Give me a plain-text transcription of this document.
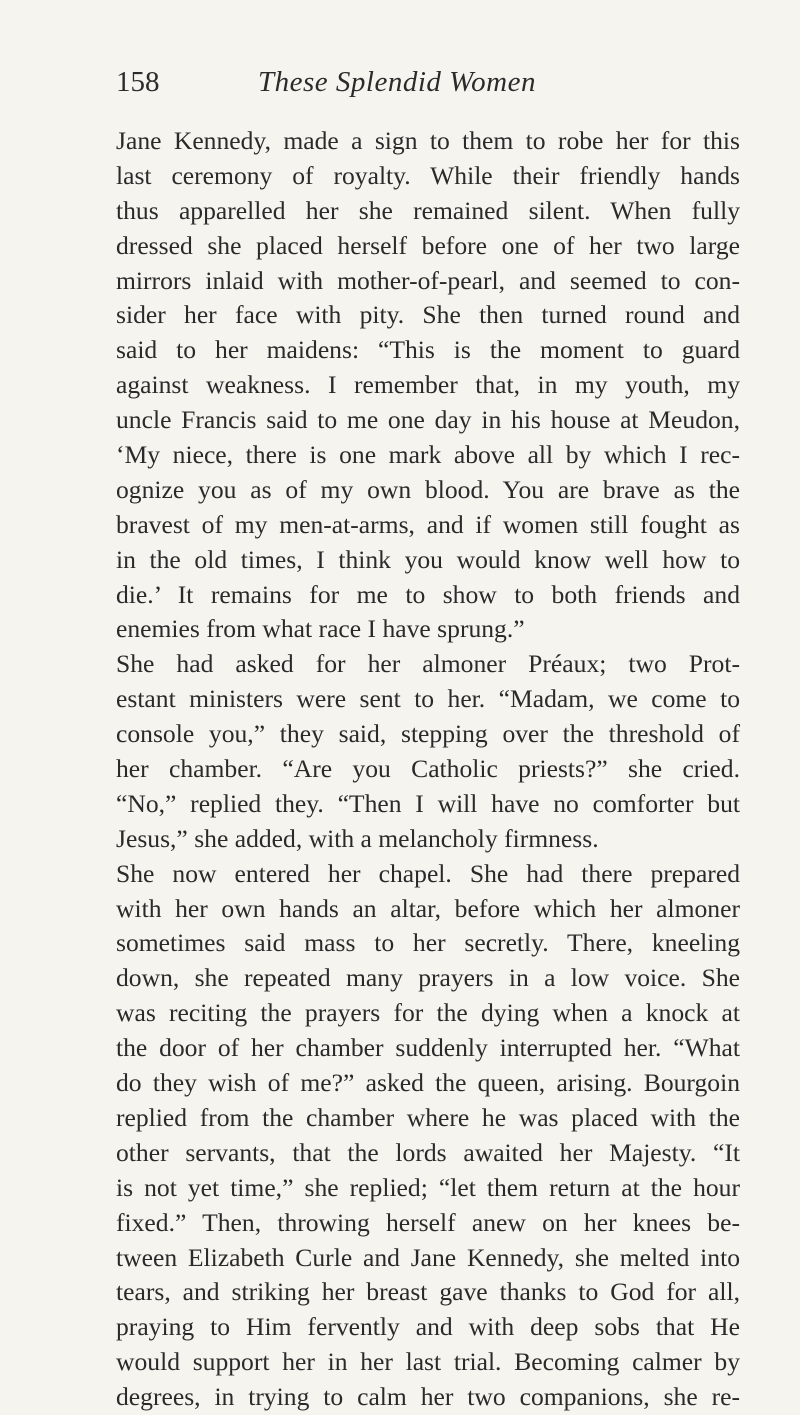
158	These Splendid Women
Jane Kennedy, made a sign to them to robe her for this
last ceremony of royalty. While their friendly hands
thus apparelled her she remained silent. When fully
dressed she placed herself before one of her two large
mirrors inlaid with mother-of-pearl, and seemed to con-
sider her face with pity. She then turned round and
said to her maidens: “This is the moment to guard
against weakness. I remember that, in my youth, my
uncle Francis said to me one day in his house at Meudon,
‘My niece, there is one mark above all by which I rec-
ognize you as of my own blood. You are brave as the
bravest of my men-at-arms, and if women still fought as
in the old times, I think you would know well how to
die.’ It remains for me to show to both friends and
enemies from what race I have sprung.”
She had asked for her almoner Préaux; two Prot-
estant ministers were sent to her. “Madam, we come to
console you,” they said, stepping over the threshold of
her chamber. “Are you Catholic priests?” she cried.
“No,” replied they. “Then I will have no comforter but
Jesus,” she added, with a melancholy firmness.
She now entered her chapel. She had there prepared
with her own hands an altar, before which her almoner
sometimes said mass to her secretly. There, kneeling
down, she repeated many prayers in a low voice. She
was reciting the prayers for the dying when a knock at
the door of her chamber suddenly interrupted her. “What
do they wish of me?” asked the queen, arising. Bourgoin
replied from the chamber where he was placed with the
other servants, that the lords awaited her Majesty. “It
is not yet time,” she replied; “let them return at the hour
fixed.” Then, throwing herself anew on her knees be-
tween Elizabeth Curle and Jane Kennedy, she melted into
tears, and striking her breast gave thanks to God for all,
praying to Him fervently and with deep sobs that He
would support her in her last trial. Becoming calmer by
degrees, in trying to calm her two companions, she re-
